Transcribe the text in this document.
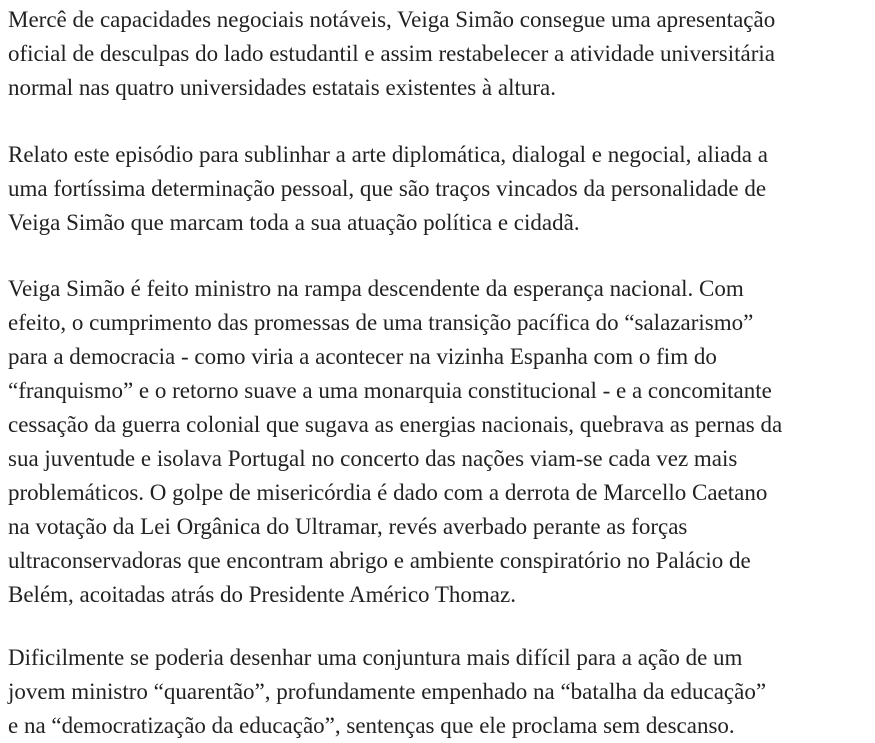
Mercê de capacidades negociais notáveis, Veiga Simão consegue uma apresentação
oficial de desculpas do lado estudantil e assim restabelecer a atividade universitária
normal nas quatro universidades estatais existentes à altura.

Relato este episódio para sublinhar a arte diplomática, dialogal e negocial, aliada a
uma fortíssima determinação pessoal, que são traços vincados da personalidade de
Veiga Simão que marcam toda a sua atuação política e cidadã.

Veiga Simão é feito ministro na rampa descendente da esperança nacional. Com
efeito, o cumprimento das promessas de uma transição pacífica do “salazarismo”
para a democracia - como viria a acontecer na vizinha Espanha com o fim do
“franquismo” e o retorno suave a uma monarquia constitucional - e a concomitante
cessação da guerra colonial que sugava as energias nacionais, quebrava as pernas da
sua juventude e isolava Portugal no concerto das nações viam-se cada vez mais
problemáticos. O golpe de misericórdia é dado com a derrota de Marcello Caetano
na votação da Lei Orgânica do Ultramar, revés averbado perante as forças
ultraconservadoras que encontram abrigo e ambiente conspiratório no Palácio de
Belém, acoitadas atrás do Presidente Américo Thomaz.

Dificilmente se poderia desenhar uma conjuntura mais difícil para a ação de um
jovem ministro “quarentão”, profundamente empenhado na “batalha da educação”
e na “democratização da educação”, sentenças que ele proclama sem descanso.
